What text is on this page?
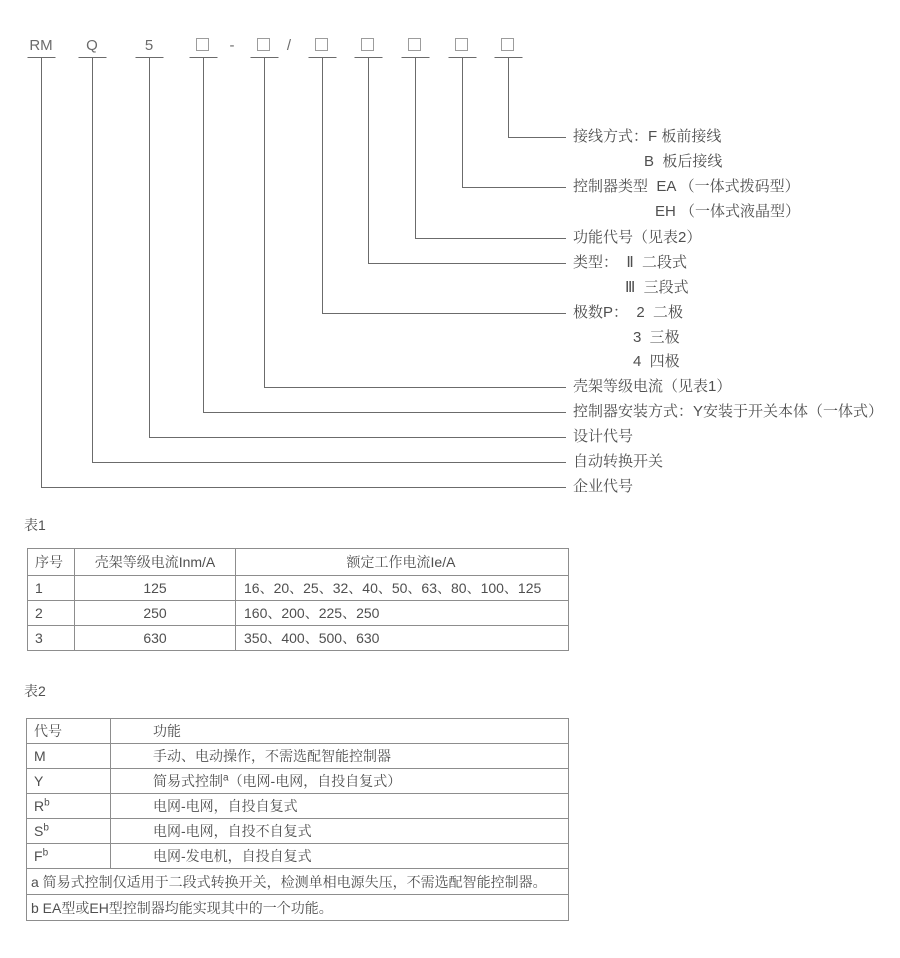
RM Q	5	-	/
接线方式：F 板前接线
B  板后接线
控制器类型  EA （一体式拨码型）
EH （一体式液晶型）
功能代号（见表2）
类型：  Ⅱ  二段式
Ⅲ  三段式
极数P：  2  二极
3  三极
4  四极
壳架等级电流（见表1）
控制器安装方式：Y安装于开关本体（一体式）
设计代号
自动转换开关
企业代号
表1
序号	壳架等级电流Inm/A	额定工作电流Ie/A
1	125	16、20、25、32、40、50、63、80、100、125
2	250	160、200、225、250
3	630	350、400、500、630
表2
代号	功能
M	手动、电动操作，不需选配智能控制器
Y	简易式控制$^a$（电网-电网，自投自复式）
$R^b$	电网-电网，自投自复式
$S^b$	电网-电网，自投不自复式
$F^b$	电网-发电机，自投自复式
a 简易式控制仅适用于二段式转换开关，检测单相电源失压，不需选配智能控制器。	
b EA型或EH型控制器均能实现其中的一个功能。	
